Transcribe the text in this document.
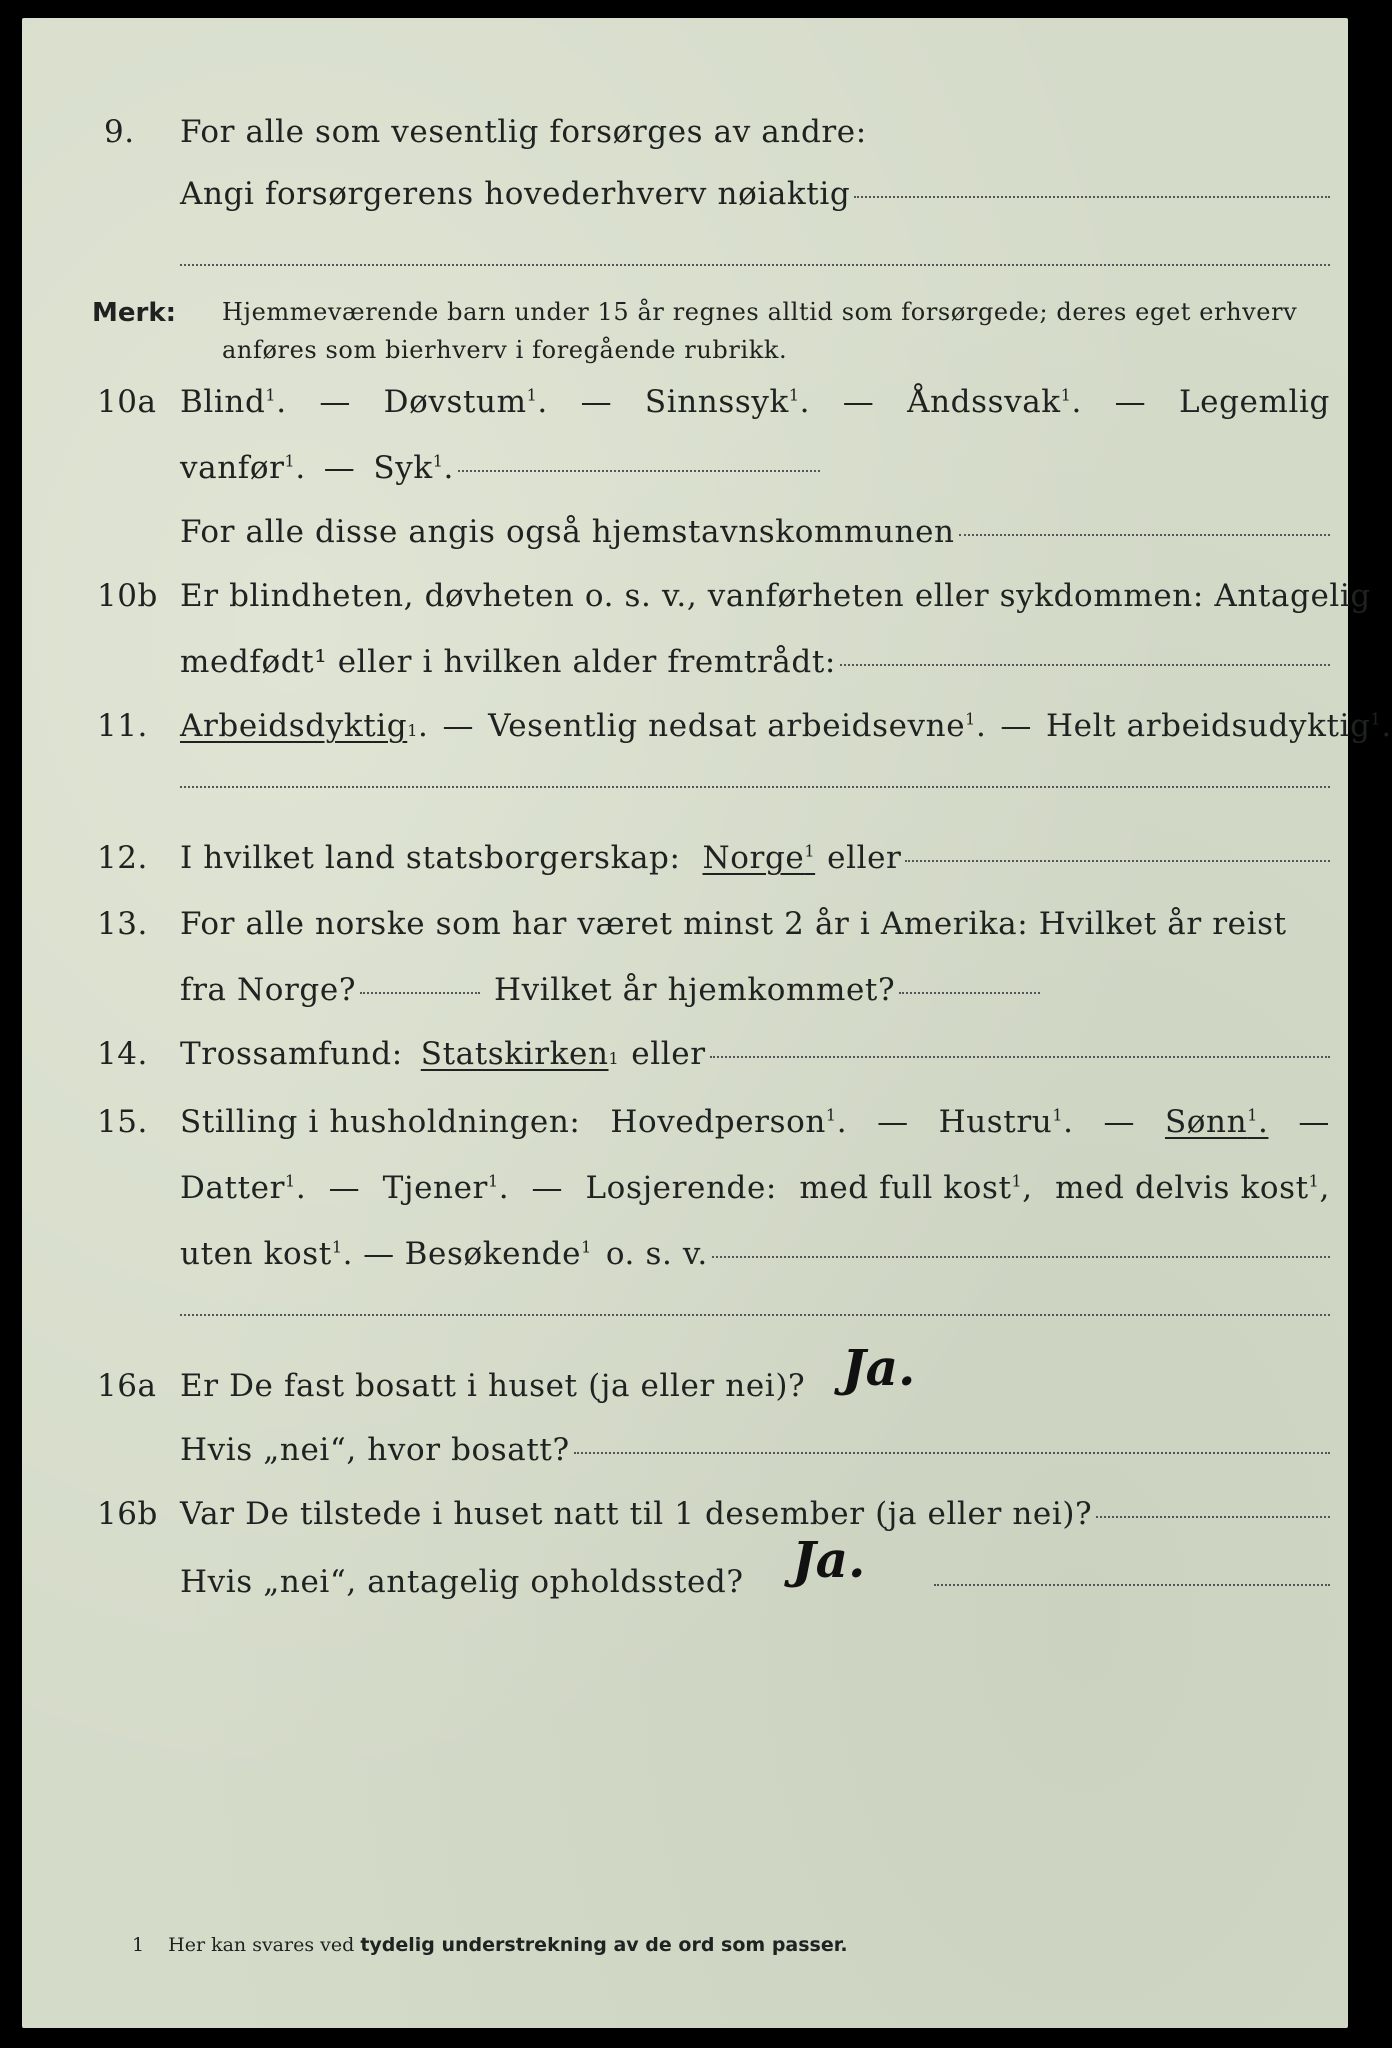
9. For alle som vesentlig forsørges av andre:
Angi forsørgerens hovederhverv nøiaktig
Merk: Hjemmeværende barn under 15 år regnes alltid som forsørgede; deres eget erhverv
anføres som bierhverv i foregående rubrikk.
10a Blind$^1$. — Døvstum$^1$. — Sinnssyk$^1$. — Åndssvak$^1$. — Legemlig
vanfør$^1$. — Syk$^1$.
For alle disse angis også hjemstavnskommunen
10b Er blindheten, døvheten o. s. v., vanførheten eller sykdommen: Antagelig
medfødt¹ eller i hvilken alder fremtrådt:
11. Arbeidsdyktig 1 . — Vesentlig nedsat arbeidsevne$^1$. — Helt arbeidsudyktig$^1$.
12. I hvilket land statsborgerskap: Norge$^1$ eller
13. For alle norske som har været minst 2 år i Amerika: Hvilket år reist
fra Norge?	Hvilket år hjemkommet?
14. Trossamfund: Statskirken 1 eller
15. Stilling i husholdningen: Hovedperson$^1$. — Hustru$^1$. — Sønn$^1$. —
Datter$^1$. — Tjener$^1$. — Losjerende: med full kost$^1$, med delvis kost$^1$,
uten kost$^1$. — Besøkende$^1$ o. s. v.
16a Er De fast bosatt i huset (ja eller nei)? Ja.
Hvis „nei“, hvor bosatt?
16b Var De tilstede i huset natt til 1 desember (ja eller nei)?
Hvis „nei“, antagelig opholdssted? Ja.
1 Her kan svares ved tydelig understrekning av de ord som passer.
